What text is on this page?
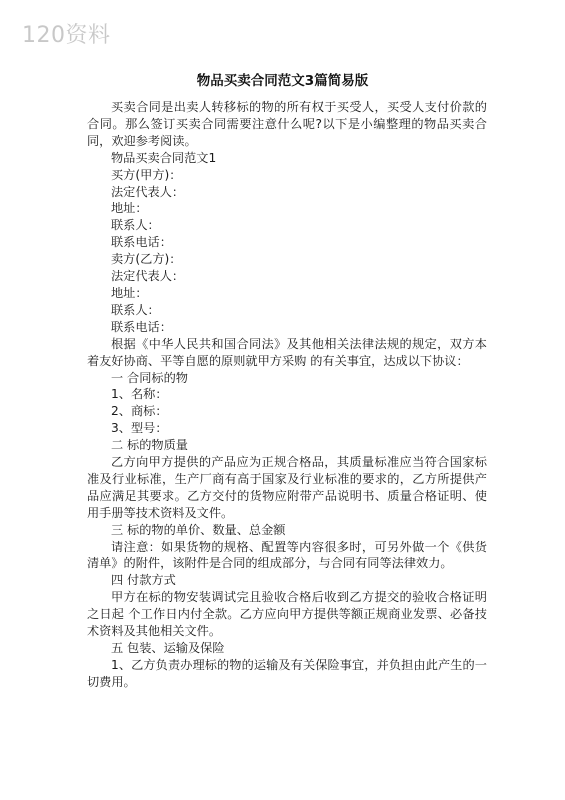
120资料
物品买卖合同范文3篇简易版

买卖合同是出卖人转移标的物的所有权于买受人，买受人支付价款的合同。那么签订买卖合同需要注意什么呢?以下是小编整理的物品买卖合同，欢迎参考阅读。

物品买卖合同范文1

买方(甲方)：

法定代表人：

地址：

联系人：

联系电话：

卖方(乙方)：

法定代表人：

地址：

联系人：

联系电话：

根据《中华人民共和国合同法》及其他相关法律法规的规定，双方本着友好协商、平等自愿的原则就甲方采购 的有关事宜，达成以下协议：

一 合同标的物

1、名称：

2、商标：

3、型号：

二 标的物质量

乙方向甲方提供的产品应为正规合格品，其质量标准应当符合国家标准及行业标准，生产厂商有高于国家及行业标准的要求的，乙方所提供产品应满足其要求。乙方交付的货物应附带产品说明书、质量合格证明、使用手册等技术资料及文件。

三 标的物的单价、数量、总金额

请注意：如果货物的规格、配置等内容很多时，可另外做一个《供货清单》的附件，该附件是合同的组成部分，与合同有同等法律效力。

四 付款方式

甲方在标的物安装调试完且验收合格后收到乙方提交的验收合格证明之日起 个工作日内付全款。乙方应向甲方提供等额正规商业发票、必备技术资料及其他相关文件。

五 包装、运输及保险

1、乙方负责办理标的物的运输及有关保险事宜，并负担由此产生的一切费用。
